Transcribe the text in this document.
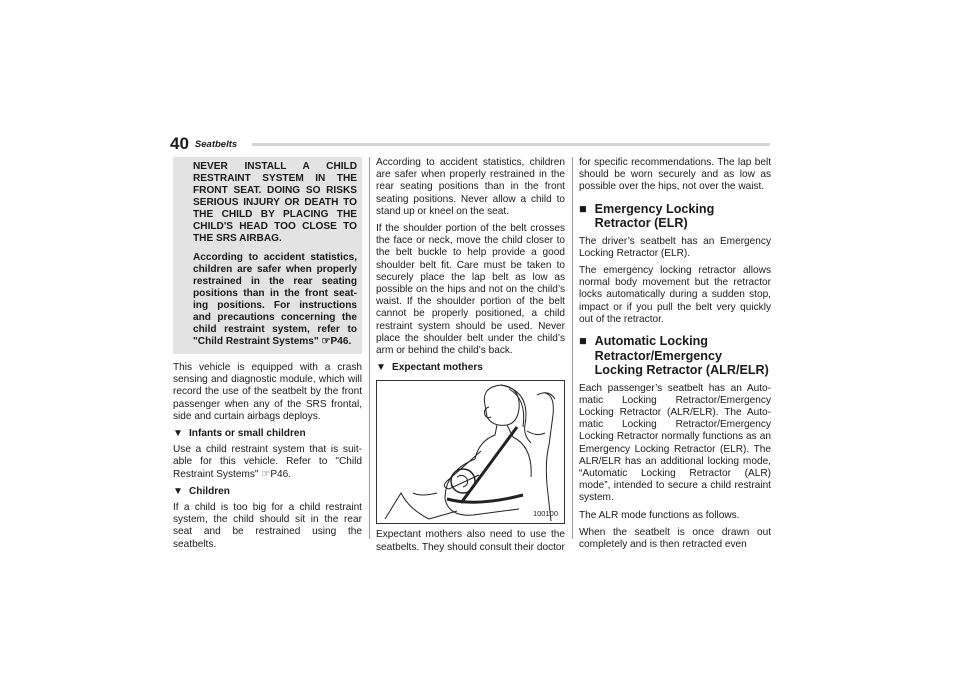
40 Seatbelts

NEVER INSTALL A CHILD RESTRAINT SYSTEM IN THE FRONT SEAT. DOING SO RISKS SERIOUS INJURY OR DEATH TO THE CHILD BY PLACING THE CHILD'S HEAD TOO CLOSE TO THE SRS AIRBAG.

According to accident statistics, children are safer when properly restrained in the rear seating positions than in the front seat- ing positions. For instructions and precautions concerning the child restraint system, refer to "Child Restraint Systems" ☞P46.

This vehicle is equipped with a crash sensing and diagnostic module, which will record the use of the seatbelt by the front passenger when any of the SRS frontal, side and curtain airbags deploys.

▼ Infants or small children

Use a child restraint system that is suit- able for this vehicle. Refer to "Child Restraint Systems" ☞P46.

▼ Children

If a child is too big for a child restraint system, the child should sit in the rear seat and be restrained using the seatbelts.

According to accident statistics, children are safer when properly restrained in the rear seating positions than in the front seating positions. Never allow a child to stand up or kneel on the seat.

If the shoulder portion of the belt crosses the face or neck, move the child closer to the belt buckle to help provide a good shoulder belt fit. Care must be taken to securely place the lap belt as low as possible on the hips and not on the child’s waist. If the shoulder portion of the belt cannot be properly positioned, a child restraint system should be used. Never place the shoulder belt under the child’s arm or behind the child’s back.

▼ Expectant mothers
100100

Expectant mothers also need to use the seatbelts. They should consult their doctor

for specific recommendations. The lap belt should be worn securely and as low as possible over the hips, not over the waist.

■ Emergency Locking Retractor (ELR)

The driver’s seatbelt has an Emergency Locking Retractor (ELR).

The emergency locking retractor allows normal body movement but the retractor locks automatically during a sudden stop, impact or if you pull the belt very quickly out of the retractor.

■ Automatic Locking Retractor/Emergency Locking Retractor (ALR/ELR)

Each passenger’s seatbelt has an Auto- matic Locking Retractor/Emergency Locking Retractor (ALR/ELR). The Auto- matic Locking Retractor/Emergency Locking Retractor normally functions as an Emergency Locking Retractor (ELR). The ALR/ELR has an additional locking mode, “Automatic Locking Retractor (ALR) mode”, intended to secure a child restraint system.

The ALR mode functions as follows.

When the seatbelt is once drawn out completely and is then retracted even
